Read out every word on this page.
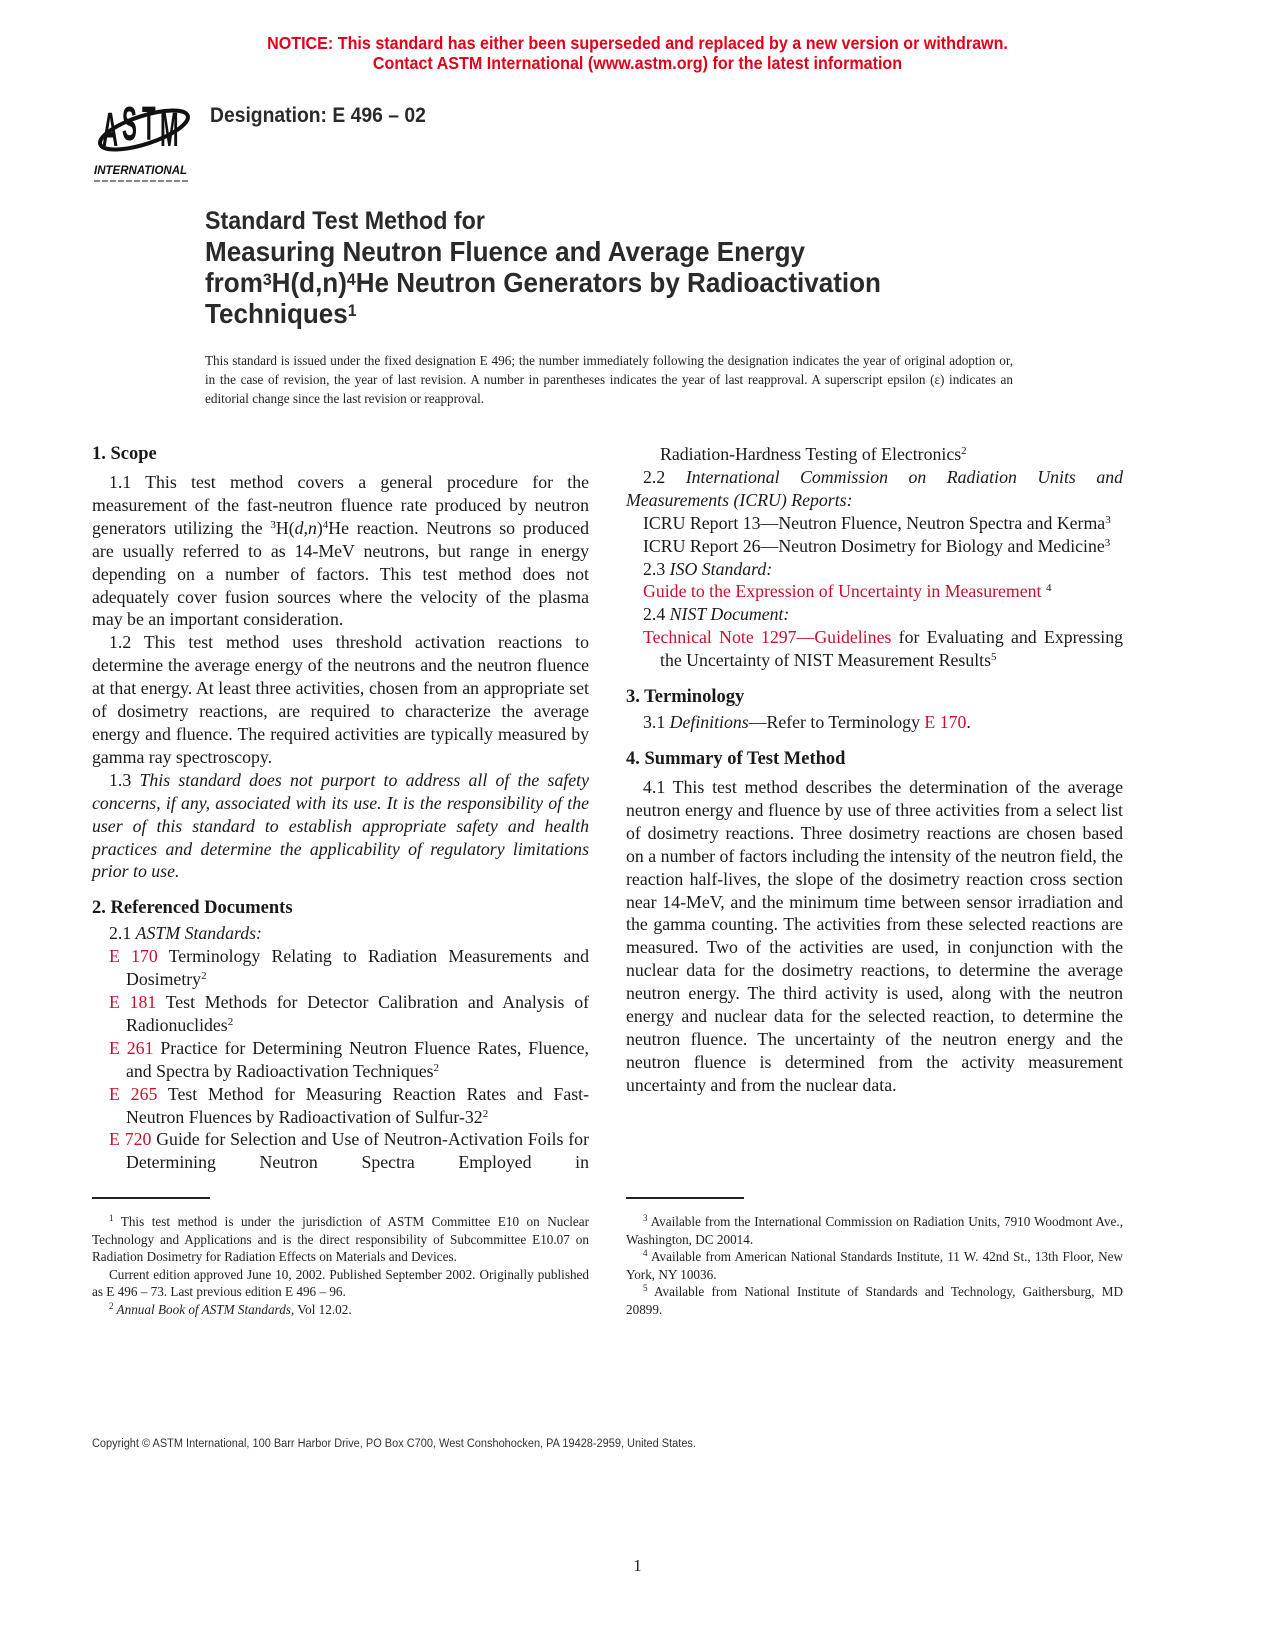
NOTICE: This standard has either been superseded and replaced by a new version or withdrawn.
Contact ASTM International (www.astm.org) for the latest information
A S T M
INTERNATIONAL
Designation: E 496 – 02
Standard Test Method for
Measuring Neutron Fluence and Average Energy
$from^3H(d,n)^4He$ Neutron Generators by Radioactivation
Techniques$^1$
This standard is issued under the fixed designation E 496; the number immediately following the designation indicates the year of original adoption or, in the case of revision, the year of last revision. A number in parentheses indicates the year of last reapproval. A superscript epsilon (ε) indicates an editorial change since the last revision or reapproval.
1. Scope

1.1 This test method covers a general procedure for the measurement of the fast-neutron fluence rate produced by neutron generators utilizing the $^3$H(d,n)$^4$He reaction. Neutrons so produced are usually referred to as 14-MeV neutrons, but range in energy depending on a number of factors. This test method does not adequately cover fusion sources where the velocity of the plasma may be an important consideration.

1.2 This test method uses threshold activation reactions to determine the average energy of the neutrons and the neutron fluence at that energy. At least three activities, chosen from an appropriate set of dosimetry reactions, are required to characterize the average energy and fluence. The required activities are typically measured by gamma ray spectroscopy.

1.3 This standard does not purport to address all of the safety concerns, if any, associated with its use. It is the responsibility of the user of this standard to establish appropriate safety and health practices and determine the applicability of regulatory limitations prior to use.

2. Referenced Documents

2.1 ASTM Standards:

E 170 Terminology Relating to Radiation Measurements and Dosimetry$^2$

E 181 Test Methods for Detector Calibration and Analysis of Radionuclides$^2$

E 261 Practice for Determining Neutron Fluence Rates, Fluence, and Spectra by Radioactivation Techniques$^2$

E 265 Test Method for Measuring Reaction Rates and Fast-Neutron Fluences by Radioactivation of Sulfur-32$^2$

E 720 Guide for Selection and Use of Neutron-Activation Foils for Determining Neutron Spectra Employed in

$^1$ This test method is under the jurisdiction of ASTM Committee E10 on Nuclear Technology and Applications and is the direct responsibility of Subcommittee E10.07 on Radiation Dosimetry for Radiation Effects on Materials and Devices.

Current edition approved June 10, 2002. Published September 2002. Originally published as E 496 – 73. Last previous edition E 496 – 96.

$^2$ Annual Book of ASTM Standards, Vol 12.02.

Radiation-Hardness Testing of Electronics$^2$

2.2 International Commission on Radiation Units and Measurements (ICRU) Reports:

ICRU Report 13—Neutron Fluence, Neutron Spectra and Kerma$^3$

ICRU Report 26—Neutron Dosimetry for Biology and Medicine$^3$

2.3 ISO Standard:

Guide to the Expression of Uncertainty in Measurement $^4$

2.4 NIST Document:

Technical Note 1297—Guidelines for Evaluating and Expressing the Uncertainty of NIST Measurement Results$^5$

3. Terminology

3.1 Definitions—Refer to Terminology E 170.

4. Summary of Test Method

4.1 This test method describes the determination of the average neutron energy and fluence by use of three activities from a select list of dosimetry reactions. Three dosimetry reactions are chosen based on a number of factors including the intensity of the neutron field, the reaction half-lives, the slope of the dosimetry reaction cross section near 14-MeV, and the minimum time between sensor irradiation and the gamma counting. The activities from these selected reactions are measured. Two of the activities are used, in conjunction with the nuclear data for the dosimetry reactions, to determine the average neutron energy. The third activity is used, along with the neutron energy and nuclear data for the selected reaction, to determine the neutron fluence. The uncertainty of the neutron energy and the neutron fluence is determined from the activity measurement uncertainty and from the nuclear data.

$^3$ Available from the International Commission on Radiation Units, 7910 Woodmont Ave., Washington, DC 20014.

$^4$ Available from American National Standards Institute, 11 W. 42nd St., 13th Floor, New York, NY 10036.

$^5$ Available from National Institute of Standards and Technology, Gaithersburg, MD 20899.

Copyright © ASTM International, 100 Barr Harbor Drive, PO Box C700, West Conshohocken, PA 19428-2959, United States.
1
